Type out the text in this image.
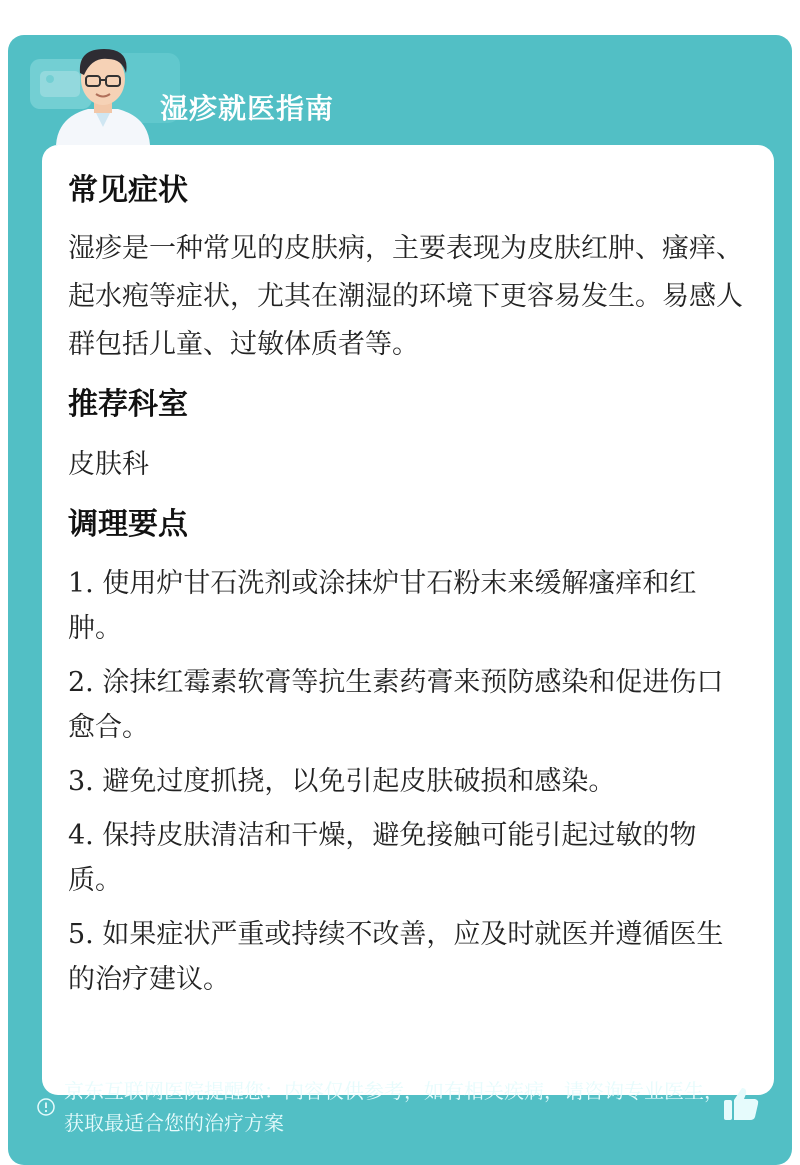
湿疹就医指南
常见症状

湿疹是一种常见的皮肤病，主要表现为皮肤红肿、瘙痒、起水疱等症状，尤其在潮湿的环境下更容易发生。易感人群包括儿童、过敏体质者等。

推荐科室

皮肤科

调理要点
1. 使用炉甘石洗剂或涂抹炉甘石粉末来缓解瘙痒和红肿。
2. 涂抹红霉素软膏等抗生素药膏来预防感染和促进伤口愈合。
3. 避免过度抓挠，以免引起皮肤破损和感染。
4. 保持皮肤清洁和干燥，避免接触可能引起过敏的物质。
5. 如果症状严重或持续不改善，应及时就医并遵循医生的治疗建议。
京东互联网医院提醒您：内容仅供参考，如有相关疾病，请咨询专业医生，获取最适合您的治疗方案
